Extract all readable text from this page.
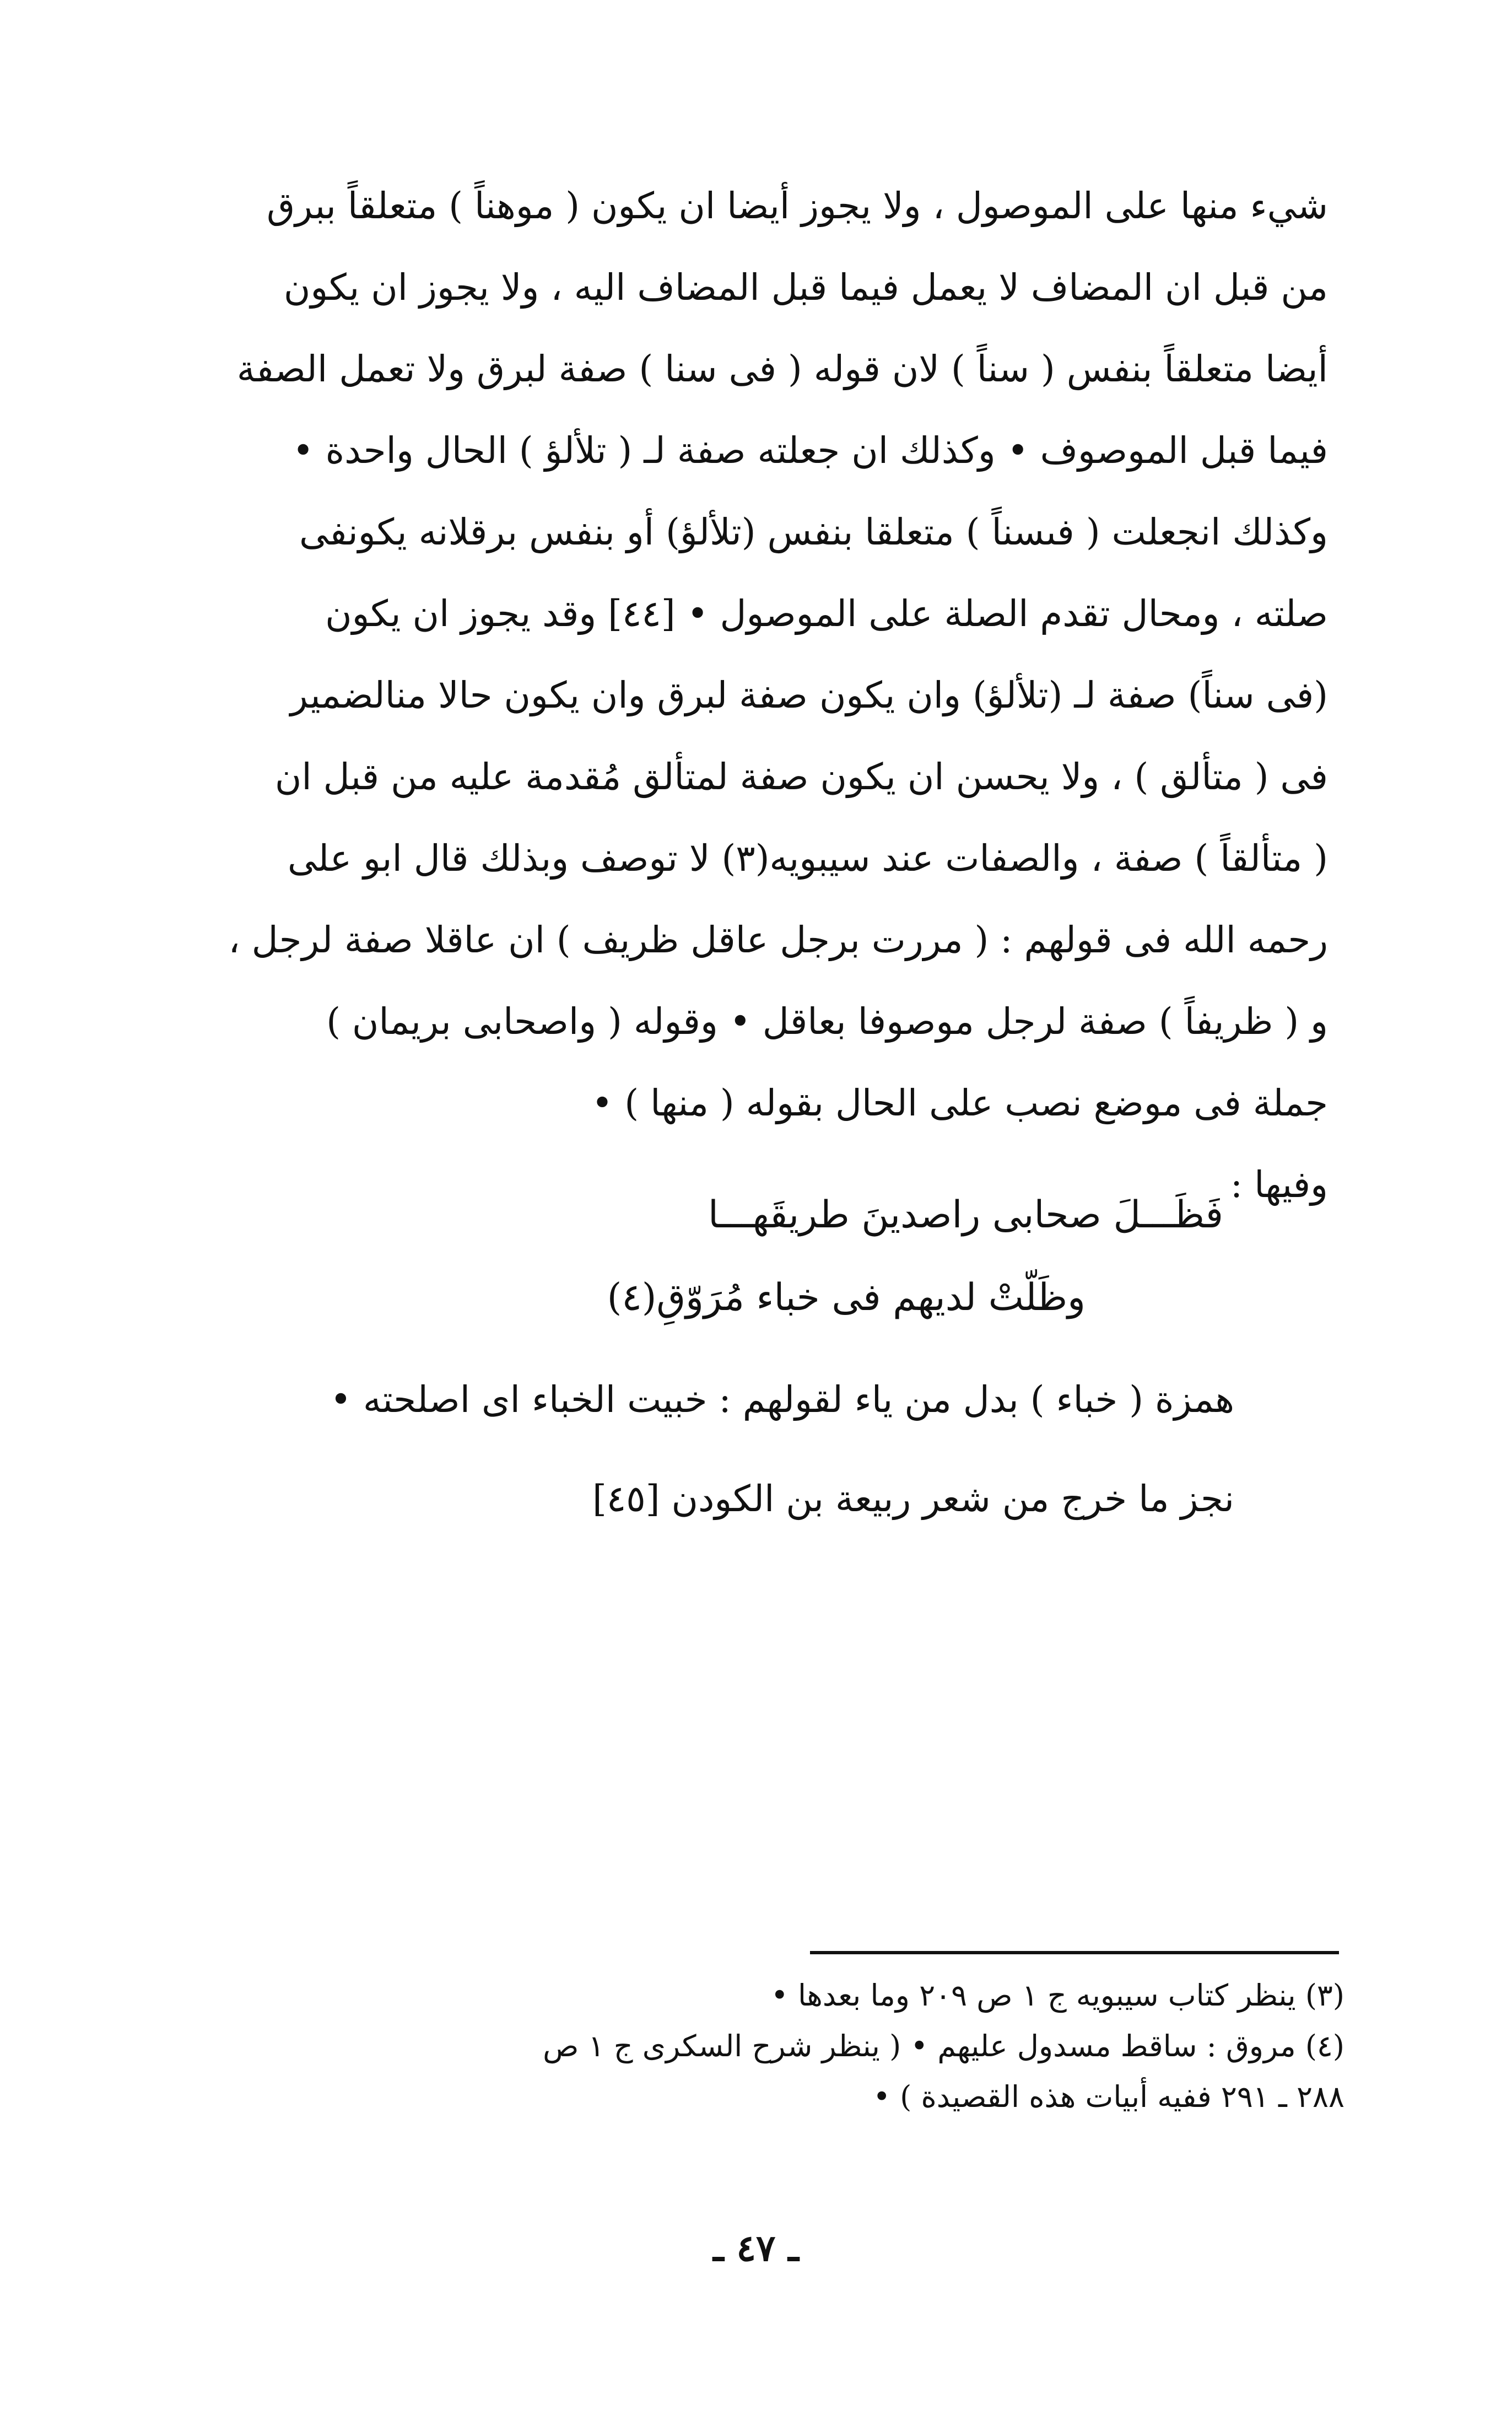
شيء منها على الموصول ، ولا يجوز أيضا ان يكون ( موهناً ) متعلقاً ببرق
من قبل ان المضاف لا يعمل فيما قبل المضاف اليه ، ولا يجوز ان يكون
أيضا متعلقاً بنفس ( سناً ) لان قوله ( فى سنا ) صفة لبرق ولا تعمل الصفة
فيما قبل الموصوف • وكذلك ان جعلته صفة لـ ( تلألؤ ) الحال واحدة •
وكذلك انجعلت ( فىسناً ) متعلقا بنفس (تلألؤ) أو بنفس برقلانه يكونفى
صلته ، ومحال تقدم الصلة على الموصول • [٤٤] وقد يجوز ان يكون
(فى سناً) صفة لـ (تلألؤ) وان يكون صفة لبرق وان يكون حالا منالضمير
فى ( متألق ) ، ولا يحسن ان يكون صفة لمتألق مُقدمة عليه من قبل ان
( متألقاً ) صفة ، والصفات عند سيبويه(٣) لا توصف وبذلك قال ابو على
رحمه الله فى قولهم : ( مررت برجل عاقل ظريف ) ان عاقلا صفة لرجل ،
و ( ظريفاً ) صفة لرجل موصوفا بعاقل • وقوله ( واصحابى بريمان )
جملة فى موضع نصب على الحال بقوله ( منها ) •
وفيها :
فَظَـــلَ صحابى راصدينَ طريقَهـــا
وظَلّتْ لديهم فى خباء مُرَوّقِ(٤)
همزة ( خباء ) بدل من ياء لقولهم : خبيت الخباء اى اصلحته •
نجز ما خرج من شعر ربيعة بن الكودن [٤٥]
(٣) ينظر كتاب سيبويه ج ١ ص ٢٠٩ وما بعدها •
(٤) مروق : ساقط مسدول عليهم • ( ينظر شرح السكرى ج ١ ص
٢٨٨ ـ ٢٩١ ففيه أبيات هذه القصيدة ) •
ـ ٤٧ ـ
